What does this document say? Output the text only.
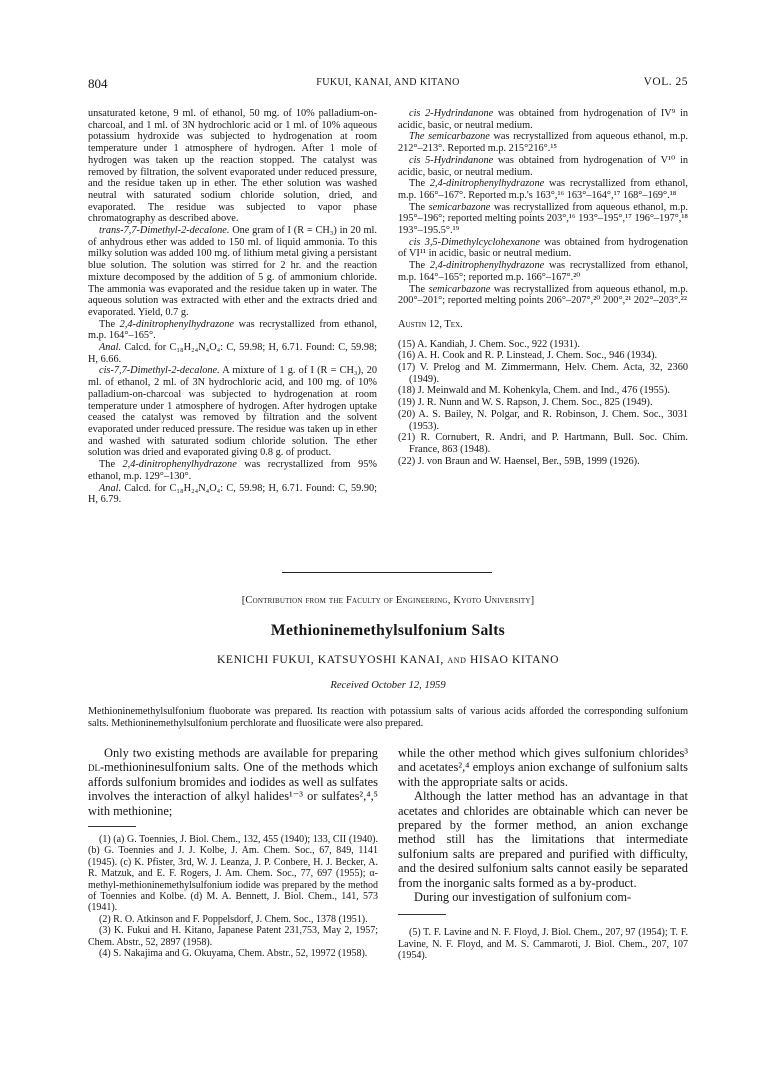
804	FUKUI, KANAI, AND KITANO	VOL. 25

unsaturated ketone, 9 ml. of ethanol, 50 mg. of 10% palladium-on-charcoal, and 1 ml. of 3N hydrochloric acid or 1 ml. of 10% aqueous potassium hydroxide was subjected to hydrogenation at room temperature under 1 atmosphere of hydrogen. After 1 mole of hydrogen was taken up the reaction stopped. The catalyst was removed by filtration, the solvent evaporated under reduced pressure, and the residue taken up in ether. The ether solution was washed neutral with saturated sodium chloride solution, dried, and evaporated. The residue was subjected to vapor phase chromatography as described above.

trans-7,7-Dimethyl-2-decalone. One gram of I (R = CH₃) in 20 ml. of anhydrous ether was added to 150 ml. of liquid ammonia. To this milky solution was added 100 mg. of lithium metal giving a persistant blue solution. The solution was stirred for 2 hr. and the reaction mixture decomposed by the addition of 5 g. of ammonium chloride. The ammonia was evaporated and the residue taken up in water. The aqueous solution was extracted with ether and the extracts dried and evaporated. Yield, 0.7 g.

The 2,4-dinitrophenylhydrazone was recrystallized from ethanol, m.p. 164°–165°.

Anal. Calcd. for C₁₈H₂₄N₄O₄: C, 59.98; H, 6.71. Found: C, 59.98; H, 6.66.

cis-7,7-Dimethyl-2-decalone. A mixture of 1 g. of I (R = CH₃), 20 ml. of ethanol, 2 ml. of 3N hydrochloric acid, and 100 mg. of 10% palladium-on-charcoal was subjected to hydrogenation at room temperature under 1 atmosphere of hydrogen. After hydrogen uptake ceased the catalyst was removed by filtration and the solvent evaporated under reduced pressure. The residue was taken up in ether and washed with saturated sodium chloride solution. The ether solution was dried and evaporated giving 0.8 g. of product.

The 2,4-dinitrophenylhydrazone was recrystallized from 95% ethanol, m.p. 129°–130°.

Anal. Calcd. for C₁₈H₂₄N₄O₄: C, 59.98; H, 6.71. Found: C, 59.90; H, 6.79.

cis 2-Hydrindanone was obtained from hydrogenation of IV⁹ in acidic, basic, or neutral medium.

The semicarbazone was recrystallized from aqueous ethanol, m.p. 212°–213°. Reported m.p. 215°216°.¹⁵

cis 5-Hydrindanone was obtained from hydrogenation of V¹⁰ in acidic, basic, or neutral medium.

The 2,4-dinitrophenylhydrazone was recrystallized from ethanol, m.p. 166°–167°. Reported m.p.'s 163°,¹⁶ 163°–164°,¹⁷ 168°–169°.¹⁸

The semicarbazone was recrystallized from aqueous ethanol, m.p. 195°–196°; reported melting points 203°,¹⁶ 193°–195°,¹⁷ 196°–197°,¹⁸ 193°–195.5°.¹⁹

cis 3,5-Dimethylcyclohexanone was obtained from hydrogenation of VI¹¹ in acidic, basic or neutral medium.

The 2,4-dinitrophenylhydrazone was recrystallized from ethanol, m.p. 164°–165°; reported m.p. 166°–167°.²⁰

The semicarbazone was recrystallized from aqueous ethanol, m.p. 200°–201°; reported melting points 206°–207°,²⁰ 200°,²¹ 202°–203°.²²

Austin 12, Tex.

(15) A. Kandiah, J. Chem. Soc., 922 (1931).

(16) A. H. Cook and R. P. Linstead, J. Chem. Soc., 946 (1934).

(17) V. Prelog and M. Zimmermann, Helv. Chem. Acta, 32, 2360 (1949).

(18) J. Meinwald and M. Kohenkyla, Chem. and Ind., 476 (1955).

(19) J. R. Nunn and W. S. Rapson, J. Chem. Soc., 825 (1949).

(20) A. S. Bailey, N. Polgar, and R. Robinson, J. Chem. Soc., 3031 (1953).

(21) R. Cornubert, R. Andri, and P. Hartmann, Bull. Soc. Chim. France, 863 (1948).

(22) J. von Braun and W. Haensel, Ber., 59B, 1999 (1926).

[Contribution from the Faculty of Engineering, Kyoto University]
Methioninemethylsulfonium Salts
KENICHI FUKUI, KATSUYOSHI KANAI, and HISAO KITANO
Received October 12, 1959
Methioninemethylsulfonium fluoborate was prepared. Its reaction with potassium salts of various acids afforded the corresponding sulfonium salts. Methioninemethylsulfonium perchlorate and fluosilicate were also prepared.

Only two existing methods are available for preparing dl-methioninesulfonium salts. One of the methods which affords sulfonium bromides and iodides as well as sulfates involves the interaction of alkyl halides¹⁻³ or sulfates²,⁴,⁵ with methionine;

(1) (a) G. Toennies, J. Biol. Chem., 132, 455 (1940); 133, CII (1940). (b) G. Toennies and J. J. Kolbe, J. Am. Chem. Soc., 67, 849, 1141 (1945). (c) K. Pfister, 3rd, W. J. Leanza, J. P. Conbere, H. J. Becker, A. R. Matzuk, and E. F. Rogers, J. Am. Chem. Soc., 77, 697 (1955); α-methyl-methioninemethylsulfonium iodide was prepared by the method of Toennies and Kolbe. (d) M. A. Bennett, J. Biol. Chem., 141, 573 (1941).

(2) R. O. Atkinson and F. Poppelsdorf, J. Chem. Soc., 1378 (1951).

(3) K. Fukui and H. Kitano, Japanese Patent 231,753, May 2, 1957; Chem. Abstr., 52, 2897 (1958).

(4) S. Nakajima and G. Okuyama, Chem. Abstr., 52, 19972 (1958).

while the other method which gives sulfonium chlorides³ and acetates²,⁴ employs anion exchange of sulfonium salts with the appropriate salts or acids.

Although the latter method has an advantage in that acetates and chlorides are obtainable which can never be prepared by the former method, an anion exchange method still has the limitations that intermediate sulfonium salts are prepared and purified with difficulty, and the desired sulfonium salts cannot easily be separated from the inorganic salts formed as a by-product.

During our investigation of sulfonium com-

(5) T. F. Lavine and N. F. Floyd, J. Biol. Chem., 207, 97 (1954); T. F. Lavine, N. F. Floyd, and M. S. Cammaroti, J. Biol. Chem., 207, 107 (1954).
